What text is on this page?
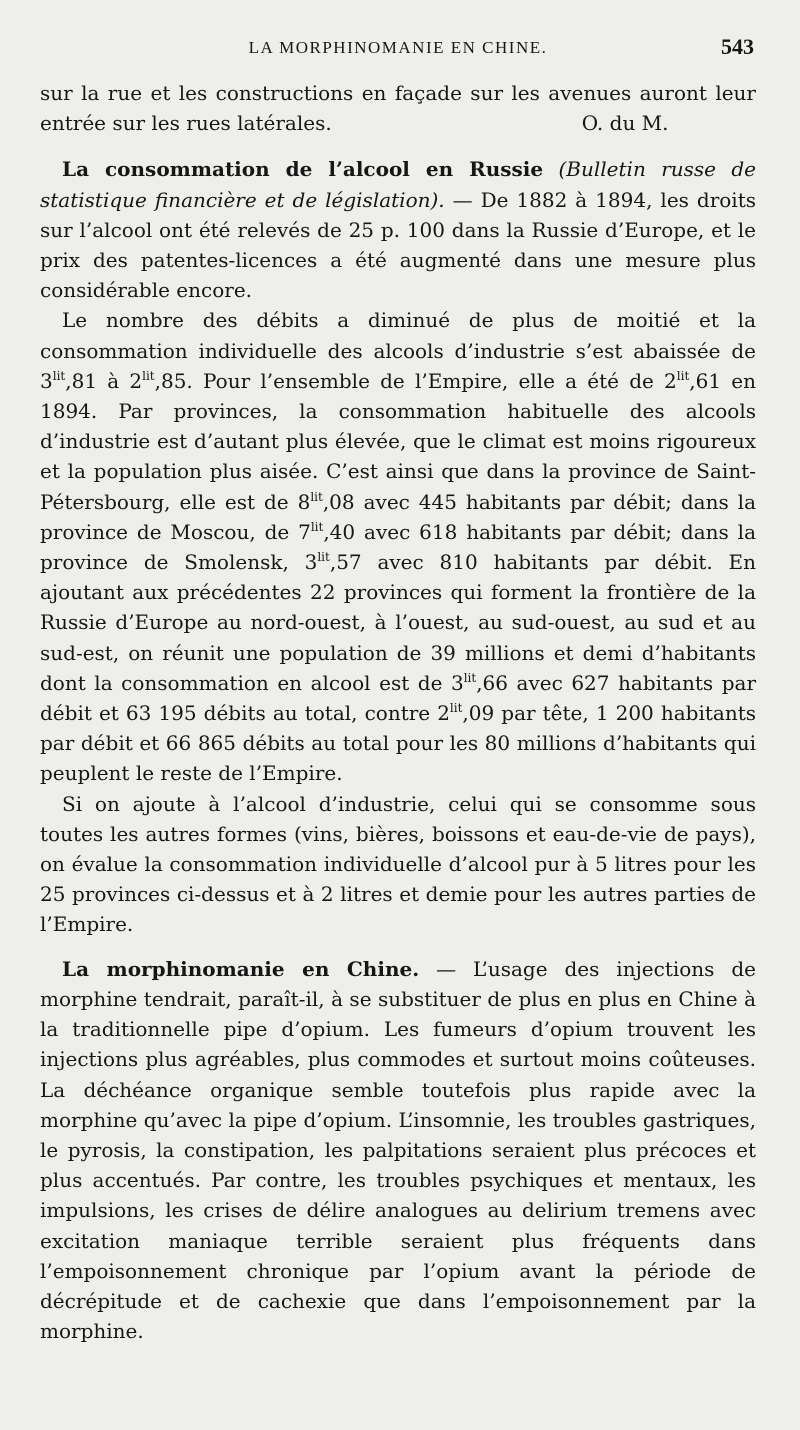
LA MORPHINOMANIE EN CHINE.	543

sur la rue et les constructions en façade sur les avenues auront leur entrée sur les rues latérales.	O. du M.

La consommation de l’alcool en Russie (Bulletin russe de statistique financière et de législation). — De 1882 à 1894, les droits sur l’alcool ont été relevés de 25 p. 100 dans la Russie d’Europe, et le prix des patentes-licences a été augmenté dans une mesure plus considérable encore.

Le nombre des débits a diminué de plus de moitié et la consommation individuelle des alcools d’industrie s’est abaissée de $3^{lit},81$ à $2^{lit},85$. Pour l’ensemble de l’Empire, elle a été de $2^{lit},61$ en 1894. Par provinces, la consommation habituelle des alcools d’industrie est d’autant plus élevée, que le climat est moins rigoureux et la population plus aisée. C’est ainsi que dans la province de Saint-Pétersbourg, elle est de $8^{lit},08$ avec 445 habitants par débit; dans la province de Moscou, de $7^{lit},40$ avec 618 habitants par débit; dans la province de Smolensk, $3^{lit},57$ avec 810 habitants par débit. En ajoutant aux précédentes 22 provinces qui forment la frontière de la Russie d’Europe au nord-ouest, à l’ouest, au sud-ouest, au sud et au sud-est, on réunit une population de 39 millions et demi d’habitants dont la consommation en alcool est de $3^{lit},66$ avec 627 habitants par débit et 63 195 débits au total, contre $2^{lit},09$ par tête, 1 200 habitants par débit et 66 865 débits au total pour les 80 millions d’habitants qui peuplent le reste de l’Empire.

Si on ajoute à l’alcool d’industrie, celui qui se consomme sous toutes les autres formes (vins, bières, boissons et eau-de-vie de pays), on évalue la consommation individuelle d’alcool pur à 5 litres pour les 25 provinces ci-dessus et à 2 litres et demie pour les autres parties de l’Empire.

La morphinomanie en Chine. — L’usage des injections de morphine tendrait, paraît-il, à se substituer de plus en plus en Chine à la traditionnelle pipe d’opium. Les fumeurs d’opium trouvent les injections plus agréables, plus commodes et surtout moins coûteuses. La déchéance organique semble toutefois plus rapide avec la morphine qu’avec la pipe d’opium. L’insomnie, les troubles gastriques, le pyrosis, la constipation, les palpitations seraient plus précoces et plus accentués. Par contre, les troubles psychiques et mentaux, les impulsions, les crises de délire analogues au delirium tremens avec excitation maniaque terrible seraient plus fréquents dans l’empoisonnement chronique par l’opium avant la période de décrépitude et de cachexie que dans l’empoisonnement par la morphine.
